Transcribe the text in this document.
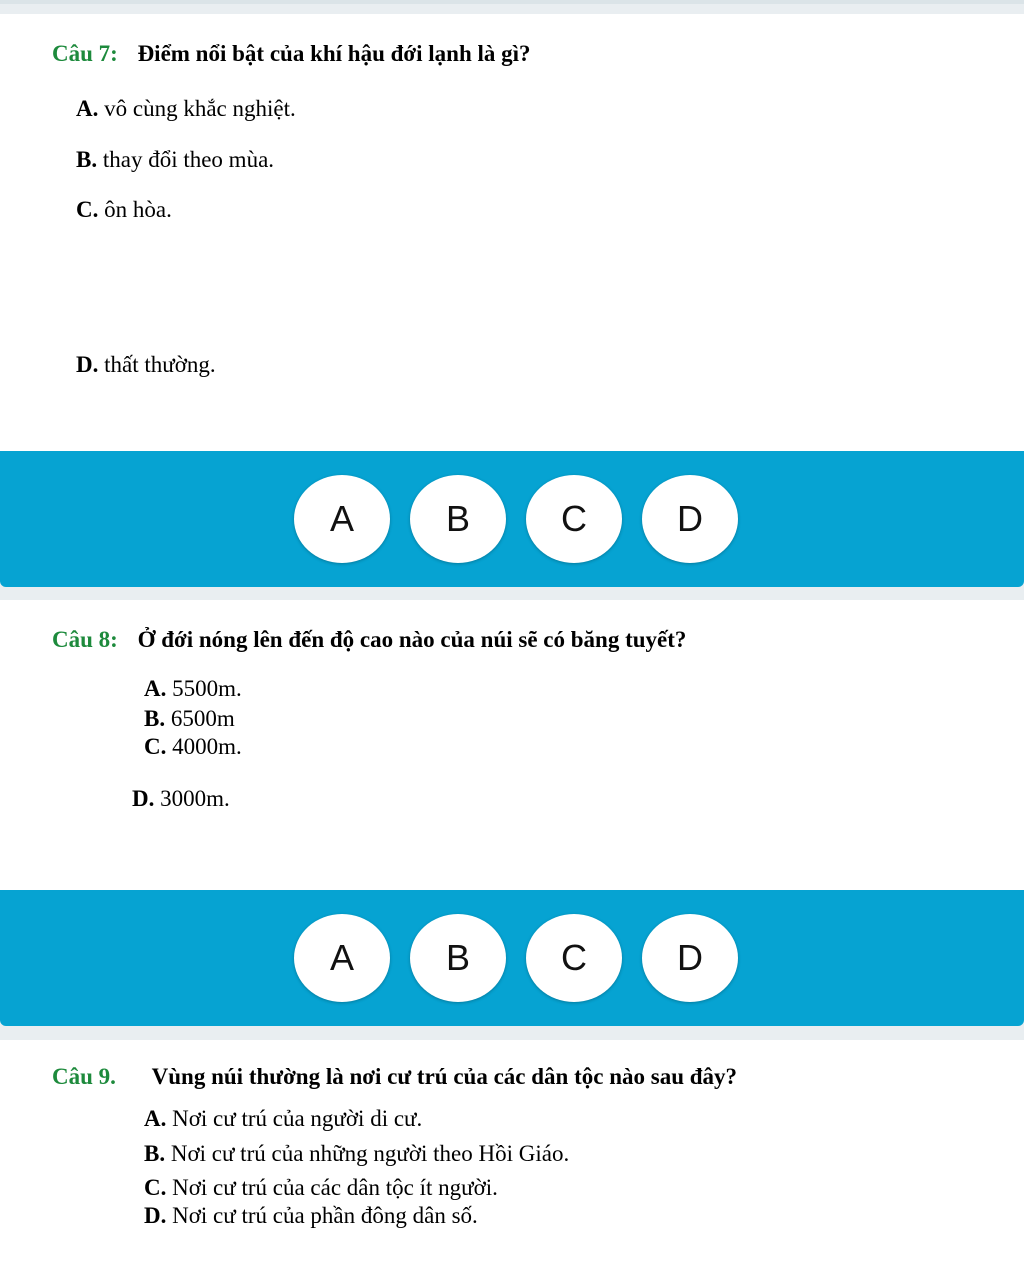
Câu 7: Điểm nổi bật của khí hậu đới lạnh là gì?
A. vô cùng khắc nghiệt.
B. thay đổi theo mùa.
C. ôn hòa.
D. thất thường.
A	B	C	D
Câu 8: Ở đới nóng lên đến độ cao nào của núi sẽ có băng tuyết?
A. 5500m.
B. 6500m
C. 4000m.
D. 3000m.
A	B	C	D
Câu 9. Vùng núi thường là nơi cư trú của các dân tộc nào sau đây?
A. Nơi cư trú của người di cư.
B. Nơi cư trú của những người theo Hồi Giáo.
C. Nơi cư trú của các dân tộc ít người.
D. Nơi cư trú của phần đông dân số.
